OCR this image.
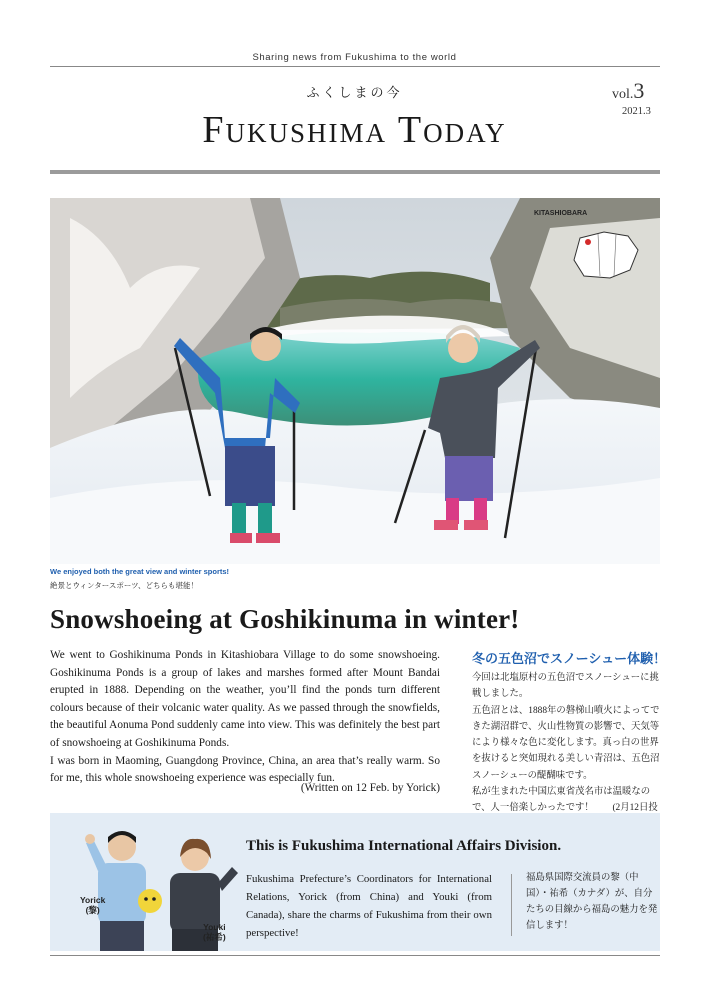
Sharing news from Fukushima to the world
ふくしまの今
Fukushima Today
vol.3
2021.3
KITASHIOBARA
We enjoyed both the great view and winter sports!
絶景とウィンタースポーツ、どちらも堪能！
Snowshoeing at Goshikinuma in winter!

We went to Goshikinuma Ponds in Kitashiobara Village to do some snowshoeing. Goshikinuma Ponds is a group of lakes and marshes formed after Mount Bandai erupted in 1888. Depending on the weather, you’ll find the ponds turn different colours because of their volcanic water quality. As we passed through the snowfields, the beautiful Aonuma Pond suddenly came into view. This was definitely the best part of snowshoeing at Goshikinuma Ponds.

I was born in Maoming, Guangdong Province, China, an area that’s really warm. So for me, this whole snowshoeing experience was especially fun.

(Written on 12 Feb. by Yorick)
冬の五色沼でスノーシュー体験！

今回は北塩原村の五色沼でスノーシューに挑戦しました。

五色沼とは、1888年の磐梯山噴火によってできた湖沼群で、火山性物質の影響で、天気等により様々な色に変化します。真っ白の世界を抜けると突如現れる美しい青沼は、五色沼スノーシューの醍醐味です。

私が生まれた中国広東省茂名市は温暖なので、人一倍楽しかったです！　　(2月12日投

Yorick
(黎)
Youki
(祐希)
This is Fukushima International Affairs Division.
Fukushima Prefecture’s Coordinators for International Relations, Yorick (from China) and Youki (from Canada), share the charms of Fukushima from their own perspective!
福島県国際交流員の黎（中国）・祐希（カナダ）が、自分たちの目線から福島の魅力を発信します！
